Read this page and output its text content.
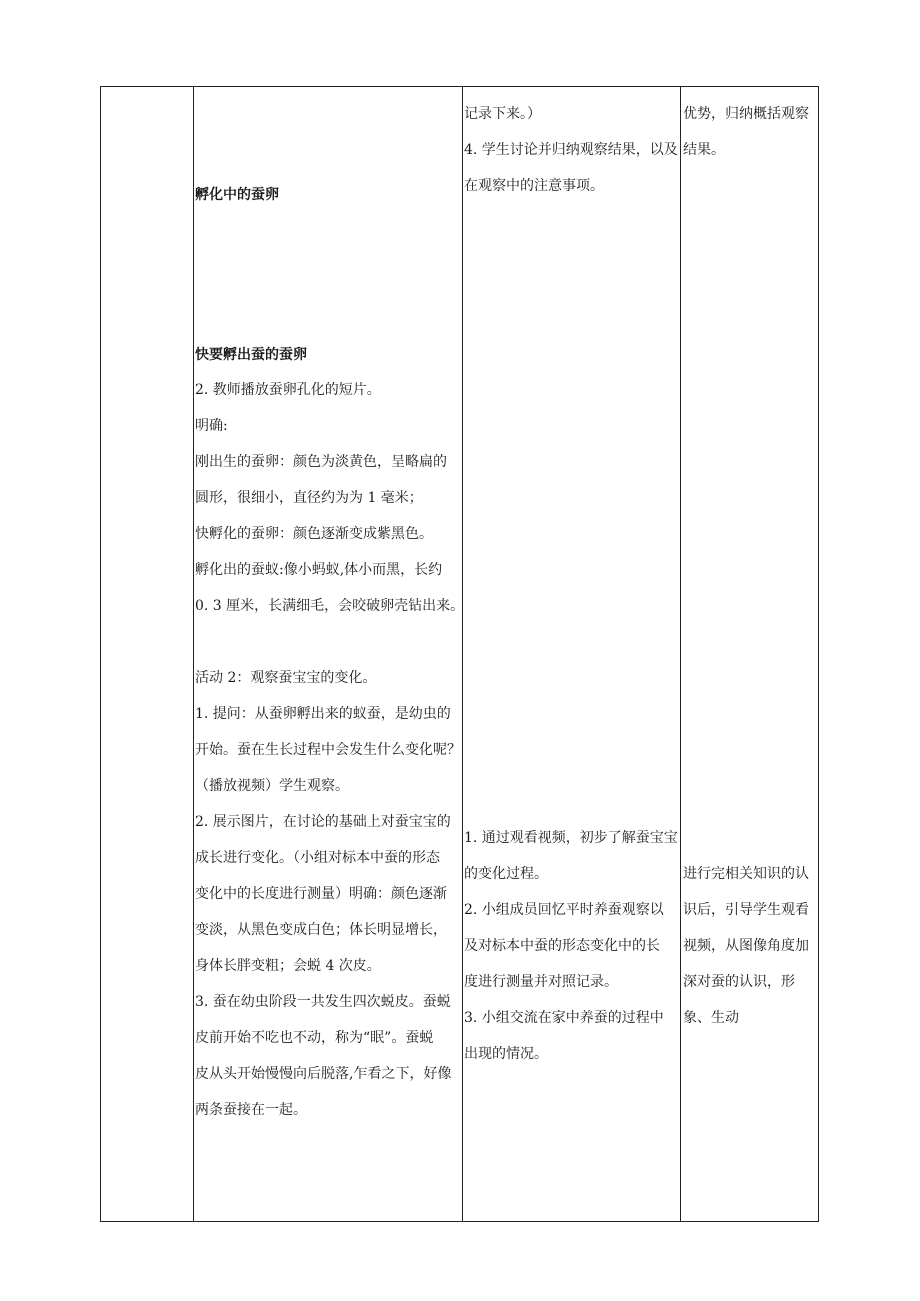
孵化中的蚕卵
快要孵出蚕的蚕卵
2. 教师播放蚕卵孔化的短片。
明确:
刚出生的蚕卵：颜色为淡黄色，呈略扁的
圆形，很细小，直径约为为 1 毫米；
快孵化的蚕卵：颜色逐渐变成紫黑色。
孵化出的蚕蚁:像小蚂蚁,体小而黑，长约
0. 3 厘米，长满细毛，会咬破卵壳钻出来。
活动 2：观察蚕宝宝的变化。
1. 提问：从蚕卵孵出来的蚁蚕，是幼虫的
开始。蚕在生长过程中会发生什么变化呢？
（播放视频）学生观察。
2. 展示图片，在讨论的基础上对蚕宝宝的
成长进行变化。（小组对标本中蚕的形态
变化中的长度进行测量）明确：颜色逐渐
变淡，从黑色变成白色；体长明显增长，
身体长胖变粗；会蜕 4 次皮。
3. 蚕在幼虫阶段一共发生四次蜕皮。蚕蜕
皮前开始不吃也不动，称为“眠”。蚕蜕
皮从头开始慢慢向后脱落,乍看之下，好像
两条蚕接在一起。
记录下来。）
4. 学生讨论并归纳观察结果，以及
在观察中的注意事项。
1. 通过观看视频，初步了解蚕宝宝
的变化过程。
2. 小组成员回忆平时养蚕观察以
及对标本中蚕的形态变化中的长
度进行测量并对照记录。
3. 小组交流在家中养蚕的过程中
出现的情况。
优势，归纳概括观察
结果。
进行完相关知识的认
识后，引导学生观看
视频，从图像角度加
深对蚕的认识，形
象、生动
